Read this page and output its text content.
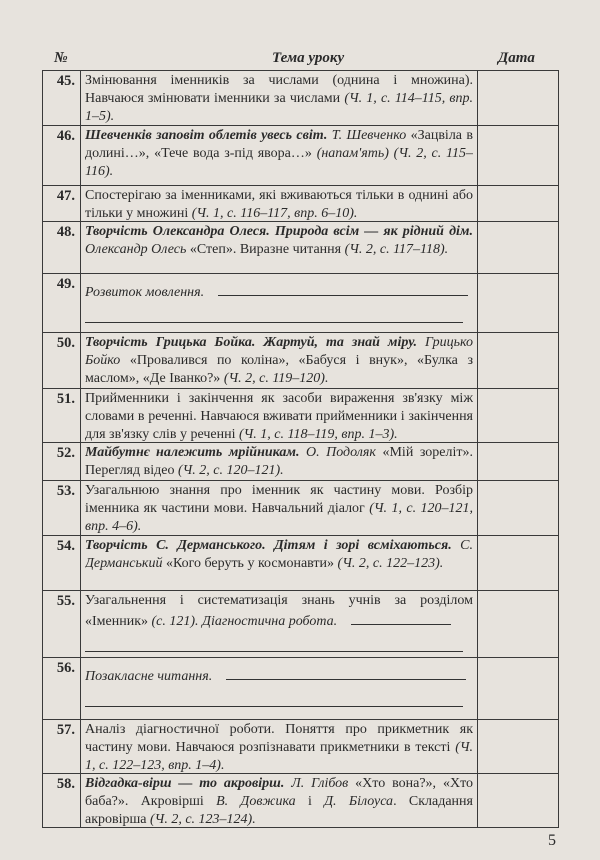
№	Тема уроку	Дата
45.	Змінювання іменників за числами (однина і множина). Навчаюся змінювати іменники за числами (Ч. 1, с. 114–115, впр. 1–5).	

46.	Шевченків заповіт облетів увесь світ. Т. Шевченко «Зацвіла в долині…», «Тече вода з-під явора…» (напам'ять) (Ч. 2, с. 115–116).	

47.	Спостерігаю за іменниками, які вживаються тільки в однині або тільки у множині (Ч. 1, с. 116–117, впр. 6–10).	

48.	Творчість Олександра Олеся. Природа всім — як рідний дім. Олександр Олесь «Степ». Виразне читання (Ч. 2, с. 117–118).	

49.	Розвиток мовлення.	

50.	Творчість Грицька Бойка. Жартуй, та знай міру. Грицько Бойко «Провалився по коліна», «Бабуся і внук», «Булка з маслом», «Де Іванко?» (Ч. 2, с. 119–120).	

51.	Прийменники і закінчення як засоби вираження зв'язку між словами в реченні. Навчаюся вживати прийменники і закінчення для зв'язку слів у реченні (Ч. 1, с. 118–119, впр. 1–3).	

52.	Майбутнє належить мрійникам. О. Подоляк «Мій зореліт». Перегляд відео (Ч. 2, с. 120–121).	

53.	Узагальнюю знання про іменник як частину мови. Розбір іменника як частини мови. Навчальний діалог (Ч. 1, с. 120–121, впр. 4–6).	

54.	Творчість С. Дерманського. Дітям і зорі всміхаються. С. Дерманський «Кого беруть у космонавти» (Ч. 2, с. 122–123).	

55.	Узагальнення і систематизація знань учнів за розділом «Іменник» (с. 121). Діагностична робота.	

56.	Позакласне читання.	

57.	Аналіз діагностичної роботи. Поняття про прикметник як частину мови. Навчаюся розпізнавати прикметники в тексті (Ч. 1, с. 122–123, впр. 1–4).	

58.	Відгадка-вірш — то акровірш. Л. Глібов «Хто вона?», «Хто баба?». Акровірші В. Довжика і Д. Білоуса. Складання акровірша (Ч. 2, с. 123–124).	

5
